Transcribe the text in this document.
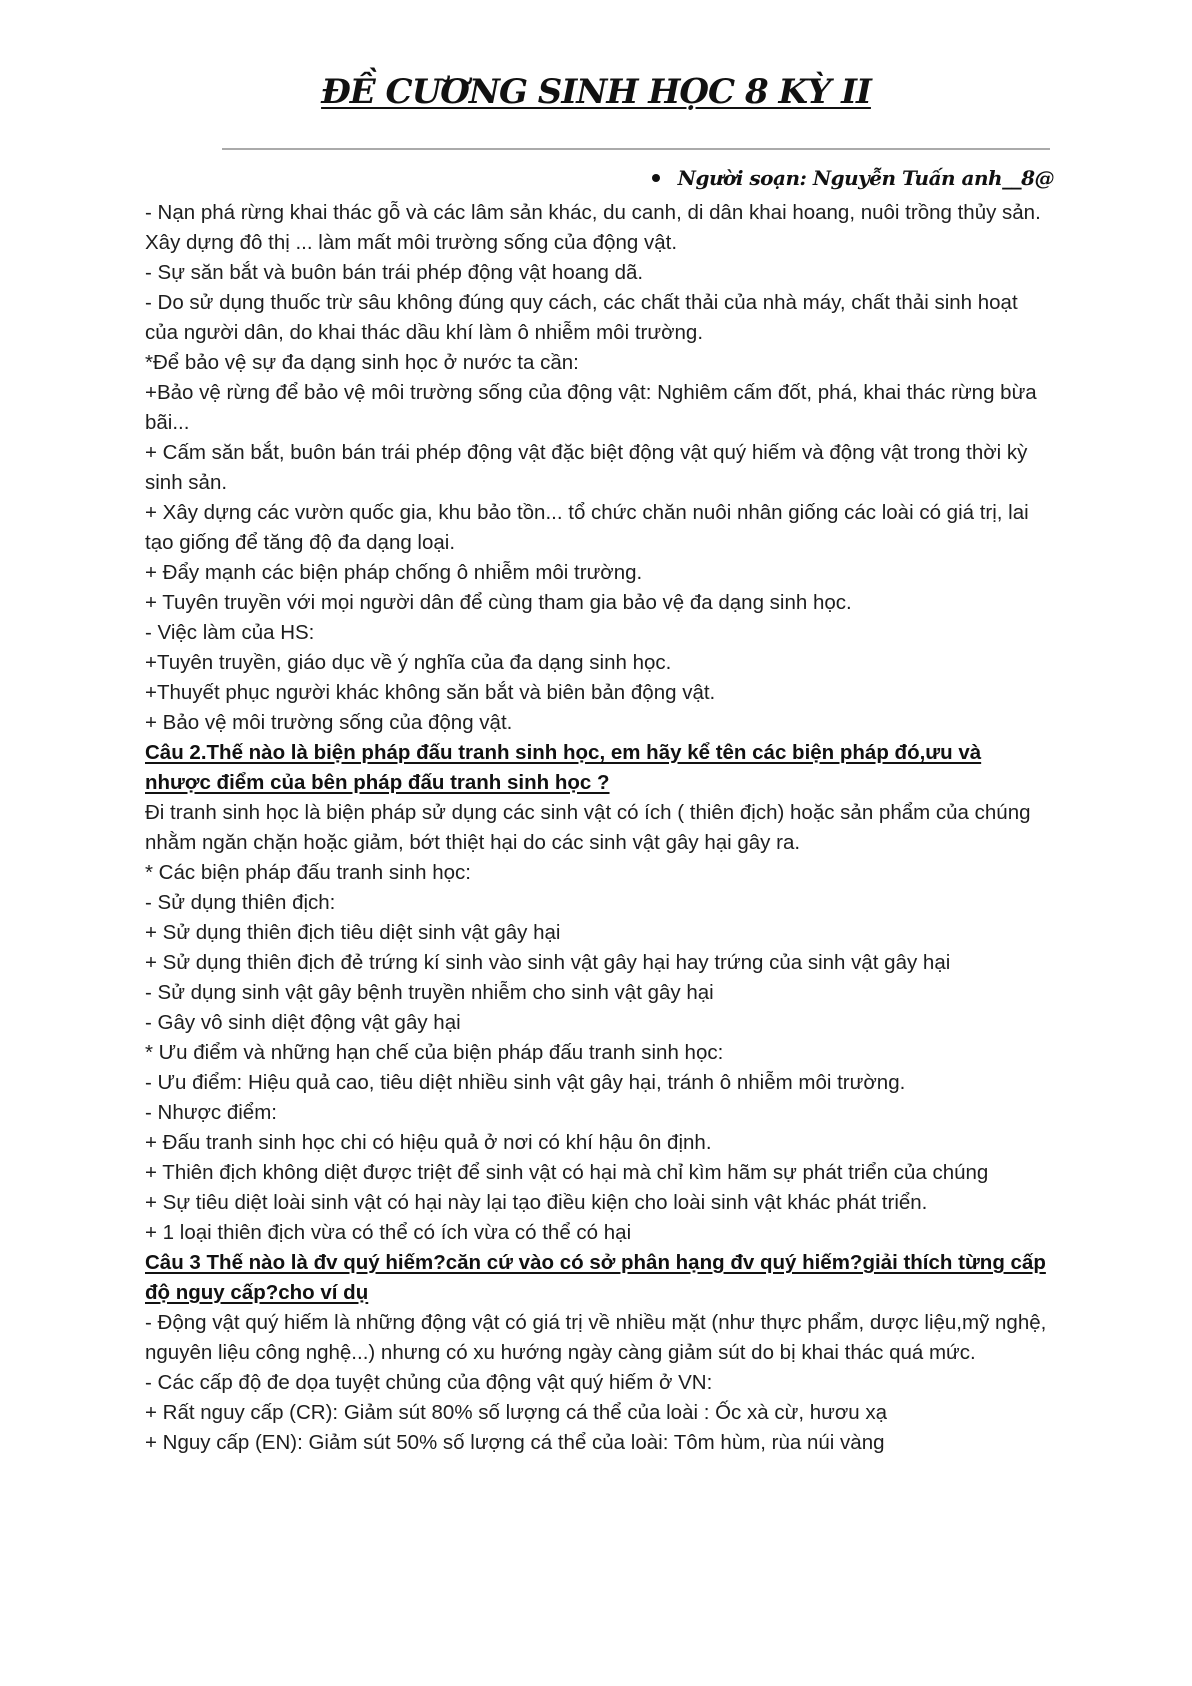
ĐỀ CƯƠNG SINH HỌC 8 KỲ II
Người soạn: Nguyễn Tuấn anh__8@

- Nạn phá rừng khai thác gỗ và các lâm sản khác, du canh, di dân khai hoang, nuôi trồng thủy sản. Xây dựng đô thị ... làm mất môi trường sống của động vật.

- Sự săn bắt và buôn bán trái phép động vật hoang dã.

- Do sử dụng thuốc trừ sâu không đúng quy cách, các chất thải của nhà máy, chất thải sinh hoạt của người dân, do khai thác dầu khí làm ô nhiễm môi trường.

*Để bảo vệ sự đa dạng sinh học ở nước ta cần:

+Bảo vệ rừng để bảo vệ môi trường sống của động vật: Nghiêm cấm đốt, phá, khai thác rừng bừa bãi...

+ Cấm săn bắt, buôn bán trái phép động vật đặc biệt động vật quý hiếm và động vật trong thời kỳ sinh sản.

+ Xây dựng các vườn quốc gia, khu bảo tồn... tổ chức chăn nuôi nhân giống các loài có giá trị, lai tạo giống để tăng độ đa dạng loại.

+ Đẩy mạnh các biện pháp chống ô nhiễm môi trường.

+ Tuyên truyền với mọi người dân để cùng tham gia bảo vệ đa dạng sinh học.

- Việc làm của HS:

+Tuyên truyền, giáo dục về ý nghĩa của đa dạng sinh học.

+Thuyết phục người khác không săn bắt và biên bản động vật.

+ Bảo vệ môi trường sống của động vật.

Câu 2.Thế nào là biện pháp đấu tranh sinh học, em hãy kể tên các biện pháp đó,ưu và nhược điểm của bên pháp đấu tranh sinh học ?

Đi tranh sinh học là biện pháp sử dụng các sinh vật có ích ( thiên địch) hoặc sản phẩm của chúng nhằm ngăn chặn hoặc giảm, bớt thiệt hại do các sinh vật gây hại gây ra.

* Các biện pháp đấu tranh sinh học:

- Sử dụng thiên địch:

+ Sử dụng thiên địch tiêu diệt sinh vật gây hại

+ Sử dụng thiên địch đẻ trứng kí sinh vào sinh vật gây hại hay trứng của sinh vật gây hại

- Sử dụng sinh vật gây bệnh truyền nhiễm cho sinh vật gây hại

- Gây vô sinh diệt động vật gây hại

* Ưu điểm và những hạn chế của biện pháp đấu tranh sinh học:

- Ưu điểm: Hiệu quả cao, tiêu diệt nhiều sinh vật gây hại, tránh ô nhiễm môi trường.

- Nhược điểm:

+ Đấu tranh sinh học chi có hiệu quả ở nơi có khí hậu ôn định.

+ Thiên địch không diệt được triệt để sinh vật có hại mà chỉ kìm hãm sự phát triển của chúng

+ Sự tiêu diệt loài sinh vật có hại này lại tạo điều kiện cho loài sinh vật khác phát triển.

+ 1 loại thiên địch vừa có thể có ích vừa có thể có hại

Câu 3 Thế nào là đv quý hiếm?căn cứ vào có sở phân hạng đv quý hiếm?giải thích từng cấp độ nguy cấp?cho ví dụ

- Động vật quý hiếm là những động vật có giá trị về nhiều mặt (như thực phẩm, dược liệu,mỹ nghệ, nguyên liệu công nghệ...) nhưng có xu hướng ngày càng giảm sút do bị khai thác quá mức.

- Các cấp độ đe dọa tuyệt chủng của động vật quý hiếm ở VN:

+ Rất nguy cấp (CR): Giảm sút 80% số lượng cá thể của loài : Ốc xà cừ, hươu xạ

+ Nguy cấp (EN): Giảm sút 50% số lượng cá thể của loài: Tôm hùm, rùa núi vàng
